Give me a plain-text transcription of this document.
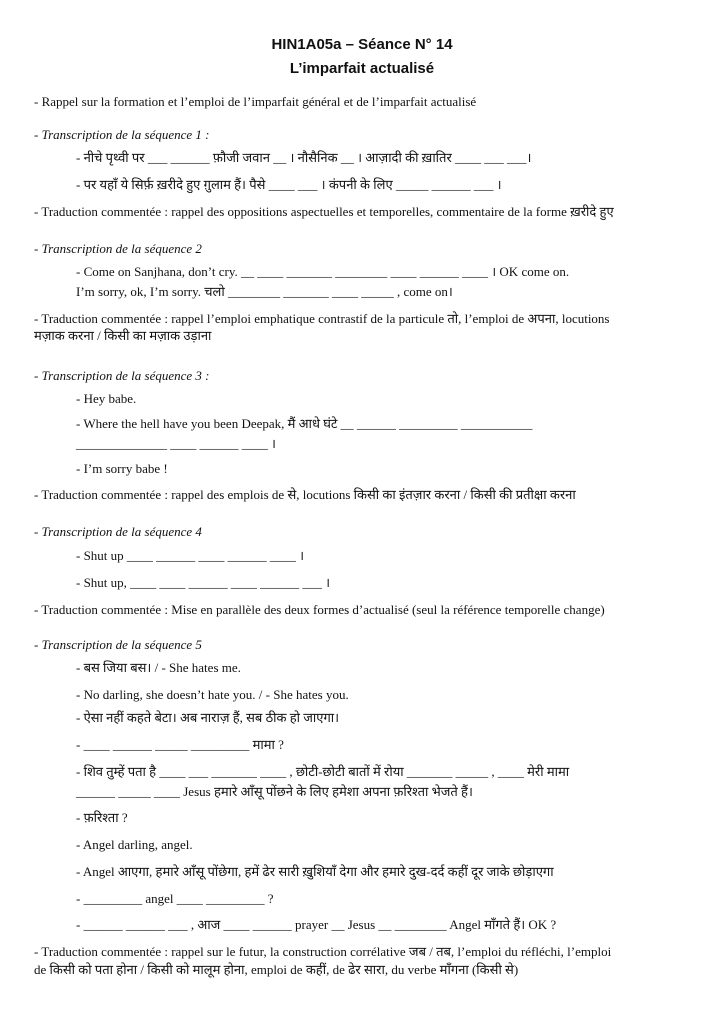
HIN1A05a – Séance N° 14
L’imparfait actualisé
- Rappel sur la formation et l’emploi de l’imparfait général et de l’imparfait actualisé
- Transcription de la séquence 1 :
- नीचे पृथ्वी पर ___ ______ फ़ौजी जवान __ । नौसैनिक __ । आज़ादी की ख़ातिर ____ ___ ___।
- पर यहाँ ये सिर्फ़ ख़रीदे हुए ग़ुलाम हैं। पैसे ____ ___ । कंपनी के लिए _____ ______ ___ ।
- Traduction commentée : rappel des oppositions aspectuelles et temporelles, commentaire de la forme ख़रीदे हुए
- Transcription de la séquence 2
- Come on Sanjhana, don’t cry. __ ____ _______ ________ ____ ______ ____ । OK come on.
I’m sorry, ok, I’m sorry. चलो ________ _______ ____ _____ , come on।
- Traduction commentée : rappel l’emploi emphatique contrastif de la particule तो, l’emploi de अपना, locutions
मज़ाक करना / किसी का मज़ाक उड़ाना
- Transcription de la séquence 3 :
- Hey babe.
- Where the hell have you been Deepak, मैं आधे घंटे __ ______ _________ ___________
______________ ____ ______ ____ ।
- I’m sorry babe !
- Traduction commentée : rappel des emplois de से, locutions किसी का इंतज़ार करना / किसी की प्रतीक्षा करना
- Transcription de la séquence 4
- Shut up ____ ______ ____ ______ ____ ।
- Shut up, ____ ____ ______ ____ ______ ___ ।
- Traduction commentée : Mise en parallèle des deux formes d’actualisé (seul la référence temporelle change)
- Transcription de la séquence 5
- बस जिया बस। / - She hates me.
- No darling, she doesn’t hate you. / - She hates you.
- ऐसा नहीं कहते बेटा। अब नाराज़ हैं, सब ठीक हो जाएगा।
- ____ ______ _____ _________ मामा ?
- शिव तुम्हें पता है ____ ___ _______ ____ , छोटी-छोटी बातों में रोया _______ _____ , ____ मेरी मामा
______ _____ ____ Jesus हमारे आँसू पोंछने के लिए हमेशा अपना फ़रिश्ता भेजते हैं।
- फ़रिश्ता ?
- Angel darling, angel.
- Angel आएगा, हमारे आँसू पोंछेगा, हमें ढेर सारी ख़ुशियाँ देगा और हमारे दुख-दर्द कहीं दूर जाके छोड़ाएगा
- _________ angel ____ _________ ?
- ______ ______ ___ , आज ____ ______ prayer __ Jesus __ ________ Angel माँगते हैं। OK ?
- Traduction commentée : rappel sur le futur, la construction corrélative जब / तब, l’emploi du réfléchi, l’emploi
de किसी को पता होना / किसी को मालूम होना, emploi de कहीं, de ढेर सारा, du verbe माँगना (किसी से)
